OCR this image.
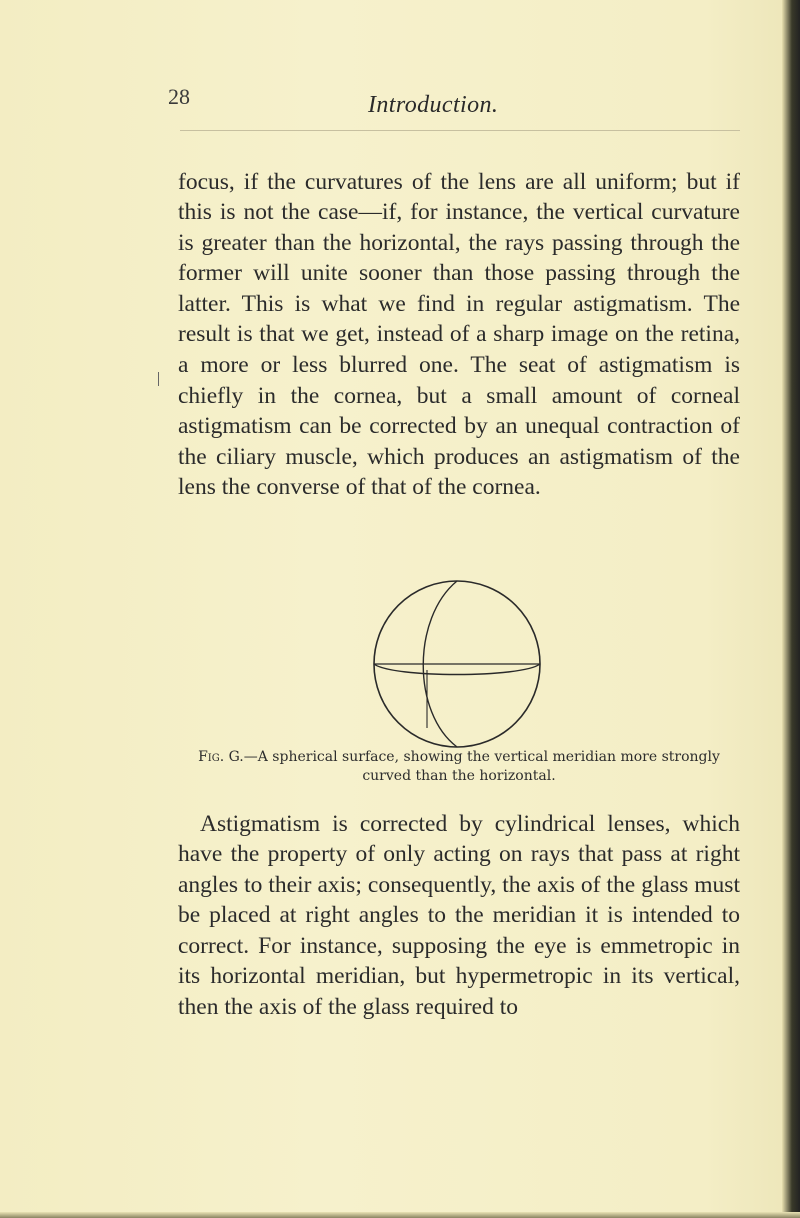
28	Introduction.

focus, if the curvatures of the lens are all uniform; but if this is not the case—if, for instance, the vertical curvature is greater than the horizontal, the rays passing through the former will unite sooner than those passing through the latter. This is what we find in regular astigmatism. The result is that we get, instead of a sharp image on the retina, a more or less blurred one. The seat of astigmatism is chiefly in the cornea, but a small amount of corneal astigmatism can be corrected by an unequal contraction of the ciliary muscle, which produces an astigmatism of the lens the converse of that of the cornea.

Fig. G.—A spherical surface, showing the vertical meridian more strongly curved than the horizontal.

Astigmatism is corrected by cylindrical lenses, which have the property of only acting on rays that pass at right angles to their axis; consequently, the axis of the glass must be placed at right angles to the meridian it is intended to correct. For instance, supposing the eye is emmetropic in its horizontal meridian, but hypermetropic in its vertical, then the axis of the glass required to
